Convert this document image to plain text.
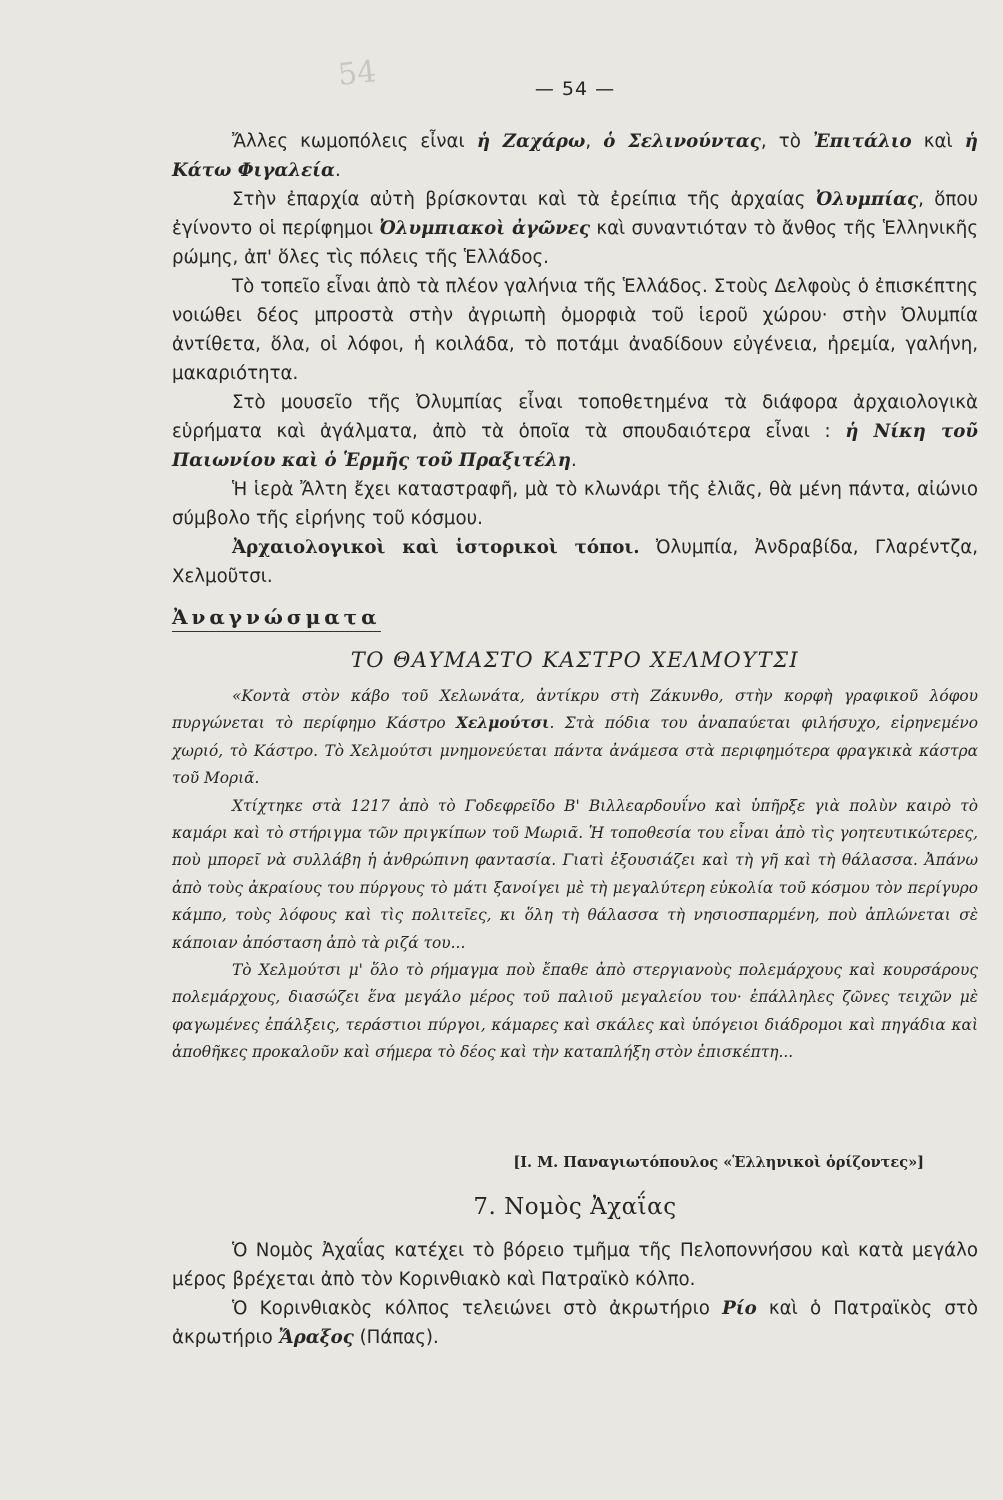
54	— 54 —

Ἄλλες κωμοπόλεις εἶναι ἡ Ζαχάρω, ὁ Σελινούντας, τὸ Ἐπιτάλιο καὶ ἡ Κάτω Φιγαλεία.

Στὴν ἐπαρχία αὐτὴ βρίσκονται καὶ τὰ ἐρείπια τῆς ἀρχαίας Ὀλυμπίας, ὅπου ἐγίνοντο οἱ περίφημοι Ὀλυμπιακοὶ ἀγῶνες καὶ συναντιόταν τὸ ἄνθος τῆς Ἑλληνικῆς ρώμης, ἀπ' ὅλες τὶς πόλεις τῆς Ἑλλάδος.

Τὸ τοπεῖο εἶναι ἀπὸ τὰ πλέον γαλήνια τῆς Ἑλλάδος. Στοὺς Δελφοὺς ὁ ἐπισκέπτης νοιώθει δέος μπροστὰ στὴν ἀγριωπὴ ὀμορφιὰ τοῦ ἱεροῦ χώρου· στὴν Ὀλυμπία ἀντίθετα, ὅλα, οἱ λόφοι, ἡ κοιλάδα, τὸ ποτάμι ἀναδίδουν εὐγένεια, ἠρεμία, γαλήνη, μακαριότητα.

Στὸ μουσεῖο τῆς Ὀλυμπίας εἶναι τοποθετημένα τὰ διάφορα ἀρχαιολογικὰ εὑρήματα καὶ ἀγάλματα, ἀπὸ τὰ ὁποῖα τὰ σπουδαιότερα εἶναι : ἡ Νίκη τοῦ Παιωνίου καὶ ὁ Ἑρμῆς τοῦ Πραξιτέλη.

Ἡ ἱερὰ Ἄλτη ἔχει καταστραφῆ, μὰ τὸ κλωνάρι τῆς ἐλιᾶς, θὰ μένη πάντα, αἰώνιο σύμβολο τῆς εἰρήνης τοῦ κόσμου.

Ἀρχαιολογικοὶ καὶ ἱστορικοὶ τόποι. Ὀλυμπία, Ἀνδραβίδα, Γλαρέντζα, Χελμοῦτσι.

Ἀναγνώσματα
ΤΟ ΘΑΥΜΑΣΤΟ ΚΑΣΤΡΟ ΧΕΛΜΟΥΤΣΙ

«Κοντὰ στὸν κάβο τοῦ Χελωνάτα, ἀντίκρυ στὴ Ζάκυνθο, στὴν κορφὴ γραφικοῦ λόφου πυργώνεται τὸ περίφημο Κάστρο Χελμούτσι. Στὰ πόδια του ἀναπαύεται φιλήσυχο, εἰρηνεμένο χωριό, τὸ Κάστρο. Τὸ Χελμούτσι μνημονεύεται πάντα ἀνάμεσα στὰ περιφημότερα φραγκικὰ κάστρα τοῦ Μοριᾶ.

Χτίχτηκε στὰ 1217 ἀπὸ τὸ Γοδεφρεῖδο Β' Βιλλεαρδουΐνο καὶ ὑπῆρξε γιὰ πολὺν καιρὸ τὸ καμάρι καὶ τὸ στήριγμα τῶν πριγκίπων τοῦ Μωριᾶ. Ἡ τοποθεσία του εἶναι ἀπὸ τὶς γοητευτικώτερες, ποὺ μπορεῖ νὰ συλλάβη ἡ ἀνθρώπινη φαντασία. Γιατὶ ἐξουσιάζει καὶ τὴ γῆ καὶ τὴ θάλασσα. Ἀπάνω ἀπὸ τοὺς ἀκραίους του πύργους τὸ μάτι ξανοίγει μὲ τὴ μεγαλύτερη εὐκολία τοῦ κόσμου τὸν περίγυρο κάμπο, τοὺς λόφους καὶ τὶς πολιτεῖες, κι ὅλη τὴ θάλασσα τὴ νησιοσπαρμένη, ποὺ ἁπλώνεται σὲ κάποιαν ἀπόσταση ἀπὸ τὰ ριζά του...

Τὸ Χελμούτσι μ' ὅλο τὸ ρήμαγμα ποὺ ἔπαθε ἀπὸ στεργιανοὺς πολεμάρχους καὶ κουρσάρους πολεμάρχους, διασώζει ἕνα μεγάλο μέρος τοῦ παλιοῦ μεγαλείου του· ἐπάλληλες ζῶνες τειχῶν μὲ φαγωμένες ἐπάλξεις, τεράστιοι πύργοι, κάμαρες καὶ σκάλες καὶ ὑπόγειοι διάδρομοι καὶ πηγάδια καὶ ἀποθῆκες προκαλοῦν καὶ σήμερα τὸ δέος καὶ τὴν καταπλήξη στὸν ἐπισκέπτη...

[Ι. Μ. Παναγιωτόπουλος «Ἑλληνικοὶ ὁρίζοντες»]
7. Νομὸς Ἀχαΐας

Ὁ Νομὸς Ἀχαΐας κατέχει τὸ βόρειο τμῆμα τῆς Πελοποννήσου καὶ κατὰ μεγάλο μέρος βρέχεται ἀπὸ τὸν Κορινθιακὸ καὶ Πατραϊκὸ κόλπο.

Ὁ Κορινθιακὸς κόλπος τελειώνει στὸ ἀκρωτήριο Ρίο καὶ ὁ Πατραϊκὸς στὸ ἀκρωτήριο Ἄραξος (Πάπας).
